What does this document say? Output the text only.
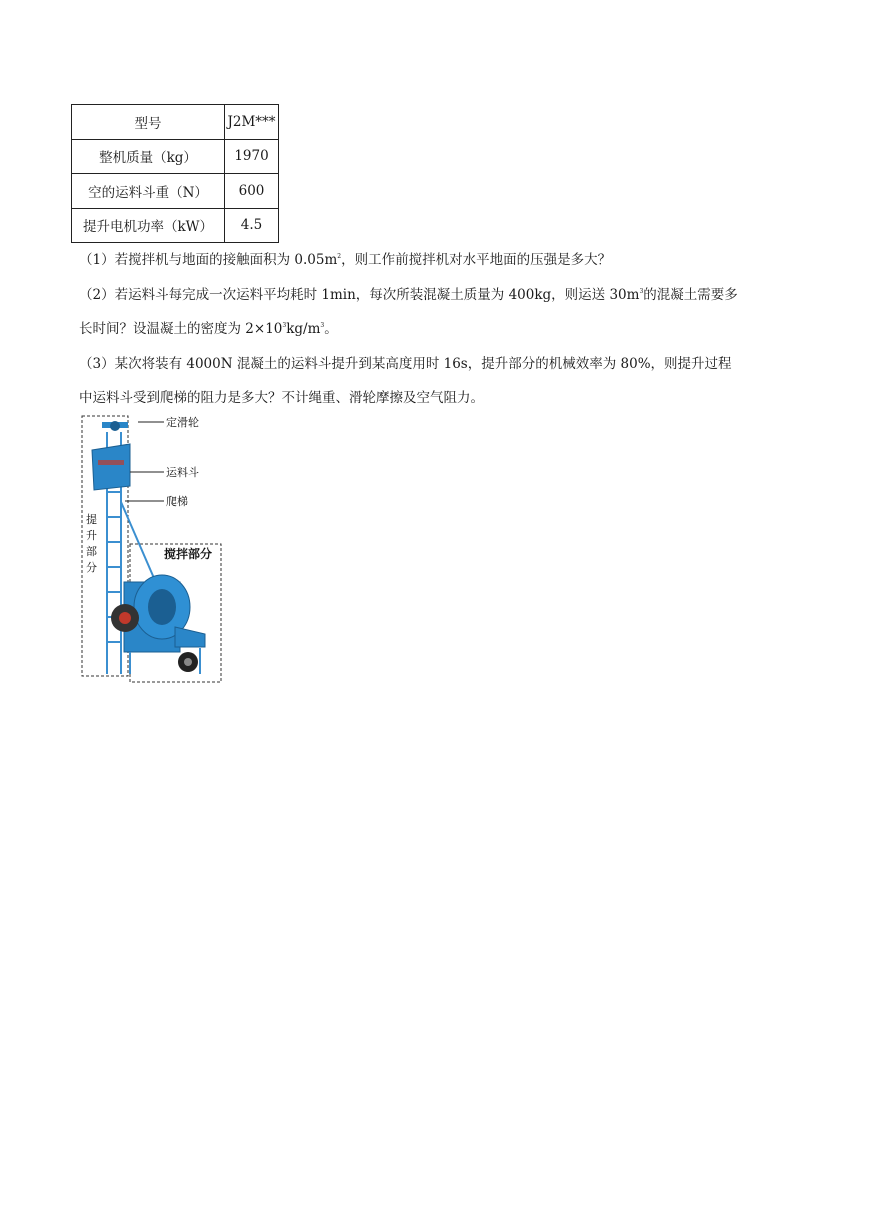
型号	J2M***
整机质量（kg）	1970
空的运料斗重（N）	600
提升电机功率（kW）	4.5
（1）若搅拌机与地面的接触面积为 $0.05m^2$，则工作前搅拌机对水平地面的压强是多大？
（2）若运料斗每完成一次运料平均耗时 1min，每次所装混凝土质量为 400kg，则运送 $30m^3$的混凝土需要多
长时间？设温凝土的密度为 $2\times 10^3kg/m^3$。
（3）某次将装有 4000N 混凝土的运料斗提升到某高度用时 16s，提升部分的机械效率为 80%，则提升过程
中运料斗受到爬梯的阻力是多大？不计绳重、滑轮摩擦及空气阻力。
定滑轮
运料斗
爬梯
提
升
部
分
搅拌部分
